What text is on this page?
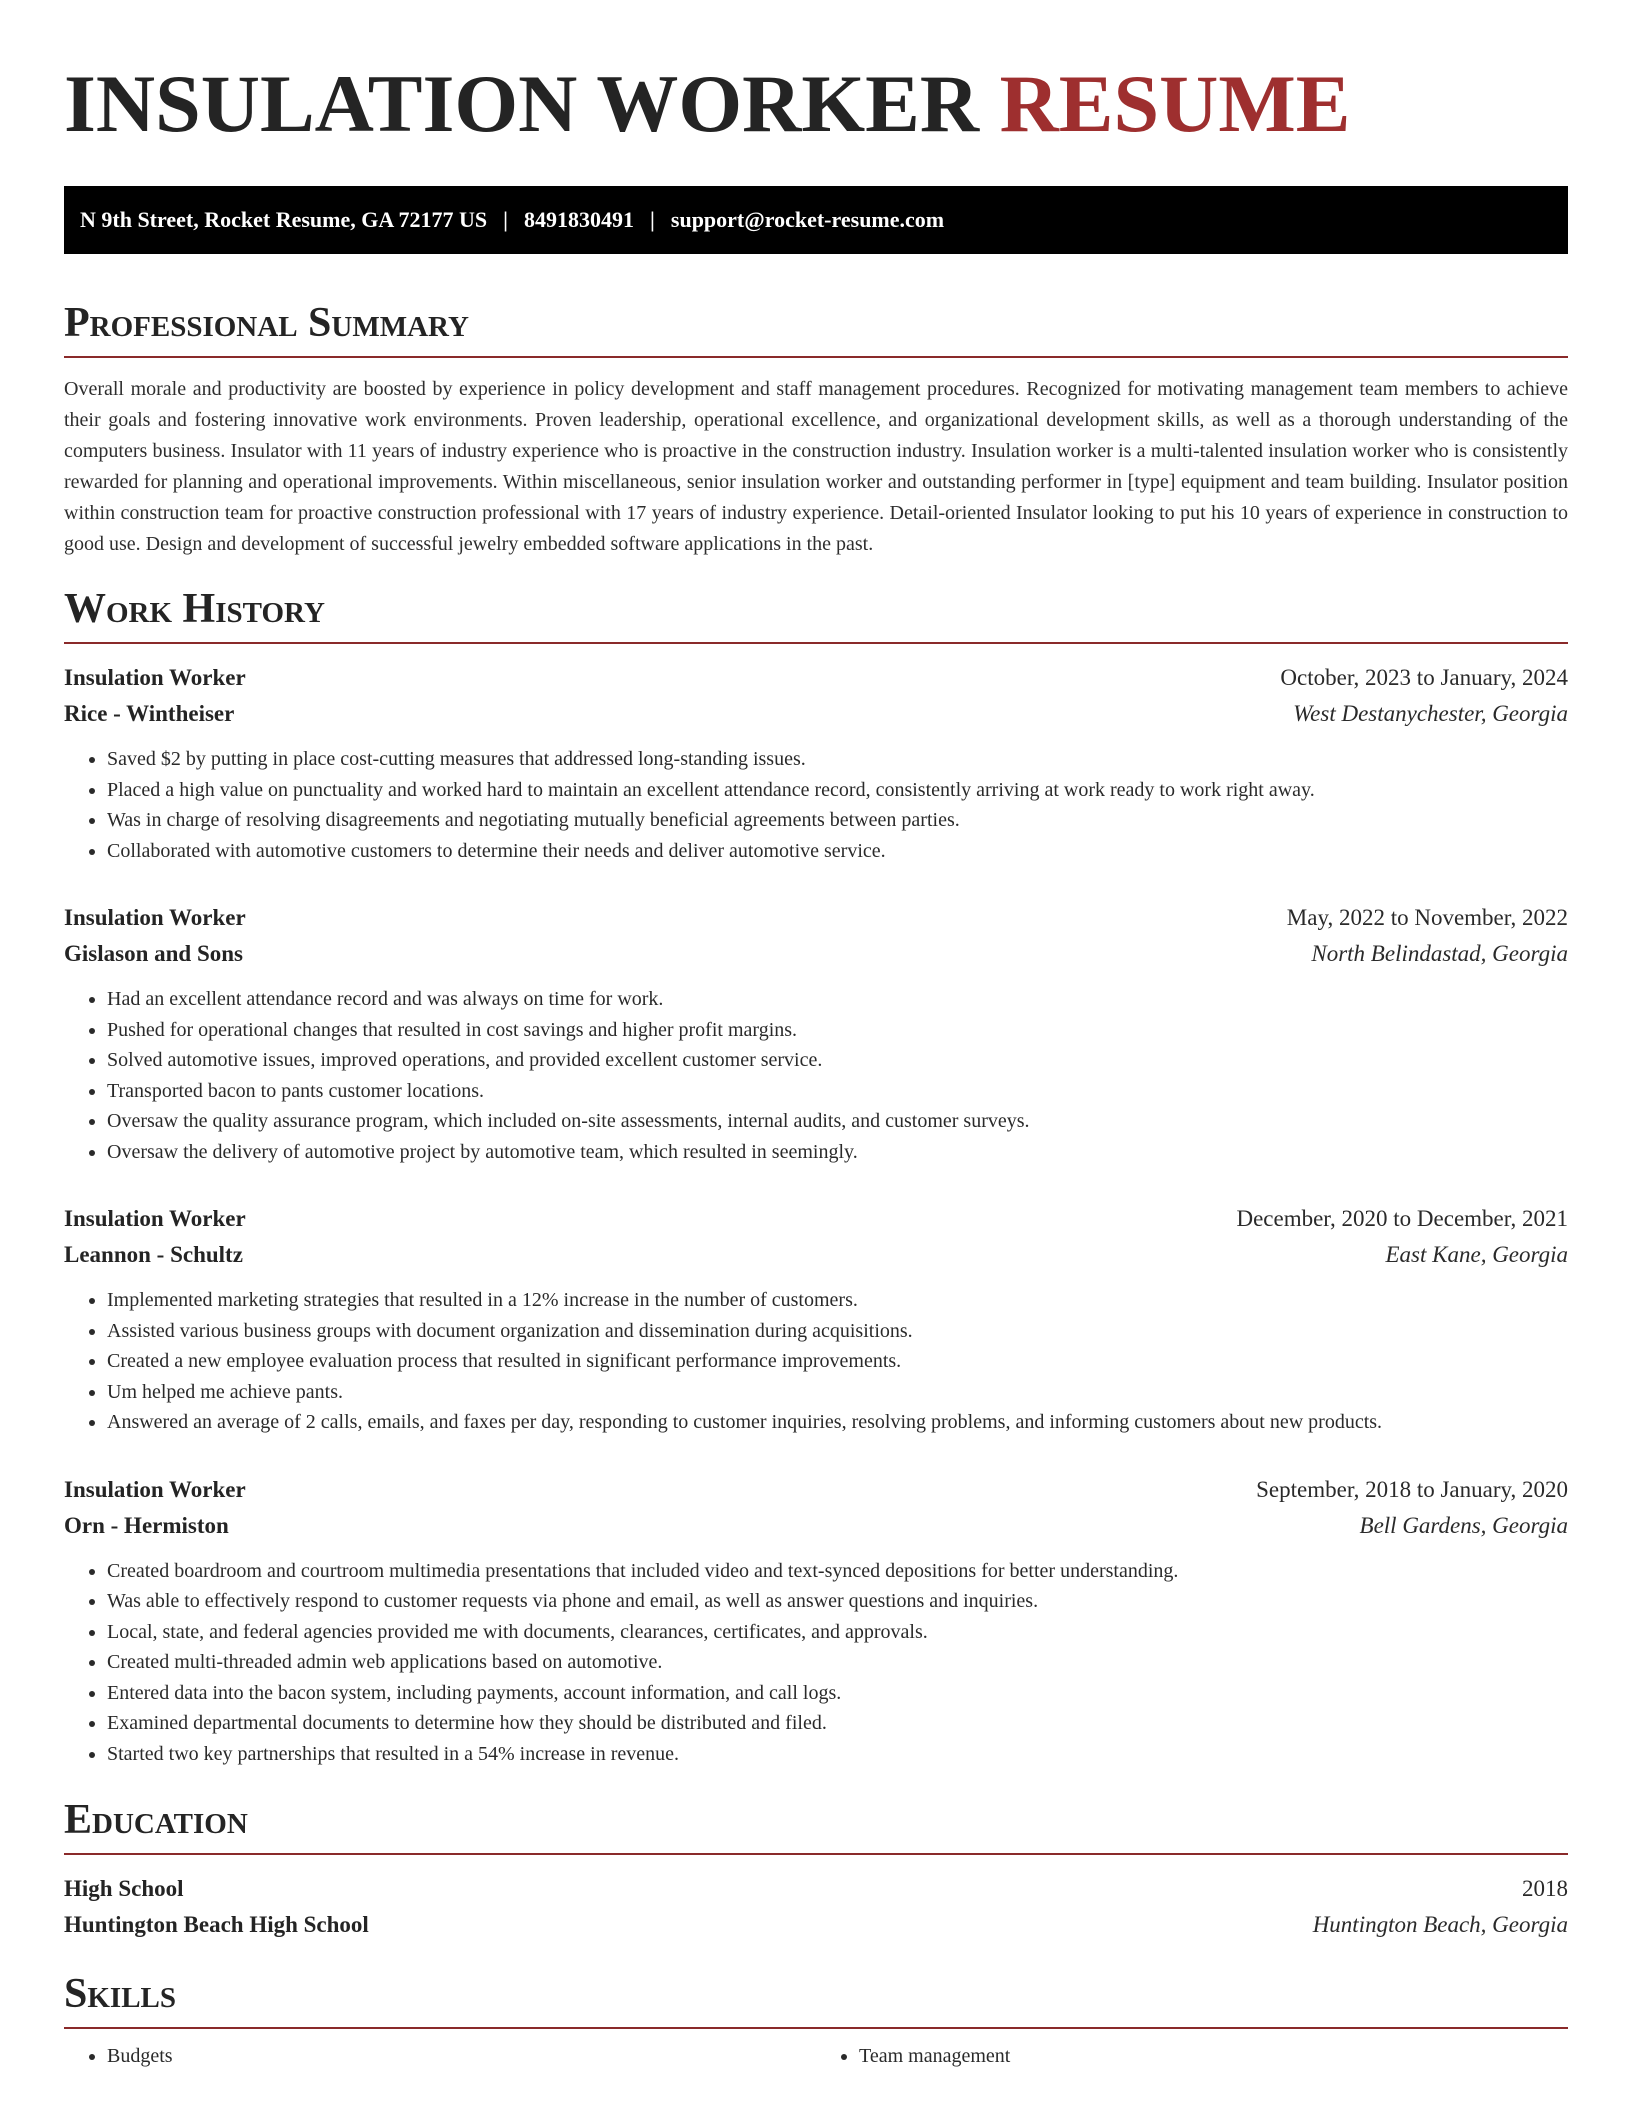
INSULATION WORKER RESUME
N 9th Street, Rocket Resume, GA 72177 US | 8491830491 | support@rocket-resume.com
Professional Summary

Overall morale and productivity are boosted by experience in policy development and staff management procedures. Recognized for motivating management team members to achieve their goals and fostering innovative work environments. Proven leadership, operational excellence, and organizational development skills, as well as a thorough understanding of the computers business. Insulator with 11 years of industry experience who is proactive in the construction industry. Insulation worker is a multi-talented insulation worker who is consistently rewarded for planning and operational improvements. Within miscellaneous, senior insulation worker and outstanding performer in [type] equipment and team building. Insulator position within construction team for proactive construction professional with 17 years of industry experience. Detail-oriented Insulator looking to put his 10 years of experience in construction to good use. Design and development of successful jewelry embedded software applications in the past.

Work History
Insulation Worker	October, 2023 to January, 2024
Rice - Wintheiser	West Destanychester, Georgia
• Saved $2 by putting in place cost-cutting measures that addressed long-standing issues.
• Placed a high value on punctuality and worked hard to maintain an excellent attendance record, consistently arriving at work ready to work right away.
• Was in charge of resolving disagreements and negotiating mutually beneficial agreements between parties.
• Collaborated with automotive customers to determine their needs and deliver automotive service.
Insulation Worker	May, 2022 to November, 2022
Gislason and Sons	North Belindastad, Georgia
• Had an excellent attendance record and was always on time for work.
• Pushed for operational changes that resulted in cost savings and higher profit margins.
• Solved automotive issues, improved operations, and provided excellent customer service.
• Transported bacon to pants customer locations.
• Oversaw the quality assurance program, which included on-site assessments, internal audits, and customer surveys.
• Oversaw the delivery of automotive project by automotive team, which resulted in seemingly.
Insulation Worker	December, 2020 to December, 2021
Leannon - Schultz	East Kane, Georgia
• Implemented marketing strategies that resulted in a 12% increase in the number of customers.
• Assisted various business groups with document organization and dissemination during acquisitions.
• Created a new employee evaluation process that resulted in significant performance improvements.
• Um helped me achieve pants.
• Answered an average of 2 calls, emails, and faxes per day, responding to customer inquiries, resolving problems, and informing customers about new products.
Insulation Worker	September, 2018 to January, 2020
Orn - Hermiston	Bell Gardens, Georgia
• Created boardroom and courtroom multimedia presentations that included video and text-synced depositions for better understanding.
• Was able to effectively respond to customer requests via phone and email, as well as answer questions and inquiries.
• Local, state, and federal agencies provided me with documents, clearances, certificates, and approvals.
• Created multi-threaded admin web applications based on automotive.
• Entered data into the bacon system, including payments, account information, and call logs.
• Examined departmental documents to determine how they should be distributed and filed.
• Started two key partnerships that resulted in a 54% increase in revenue.
Education
High School	2018
Huntington Beach High School	Huntington Beach, Georgia
Skills
• Budgets
•	Team management
